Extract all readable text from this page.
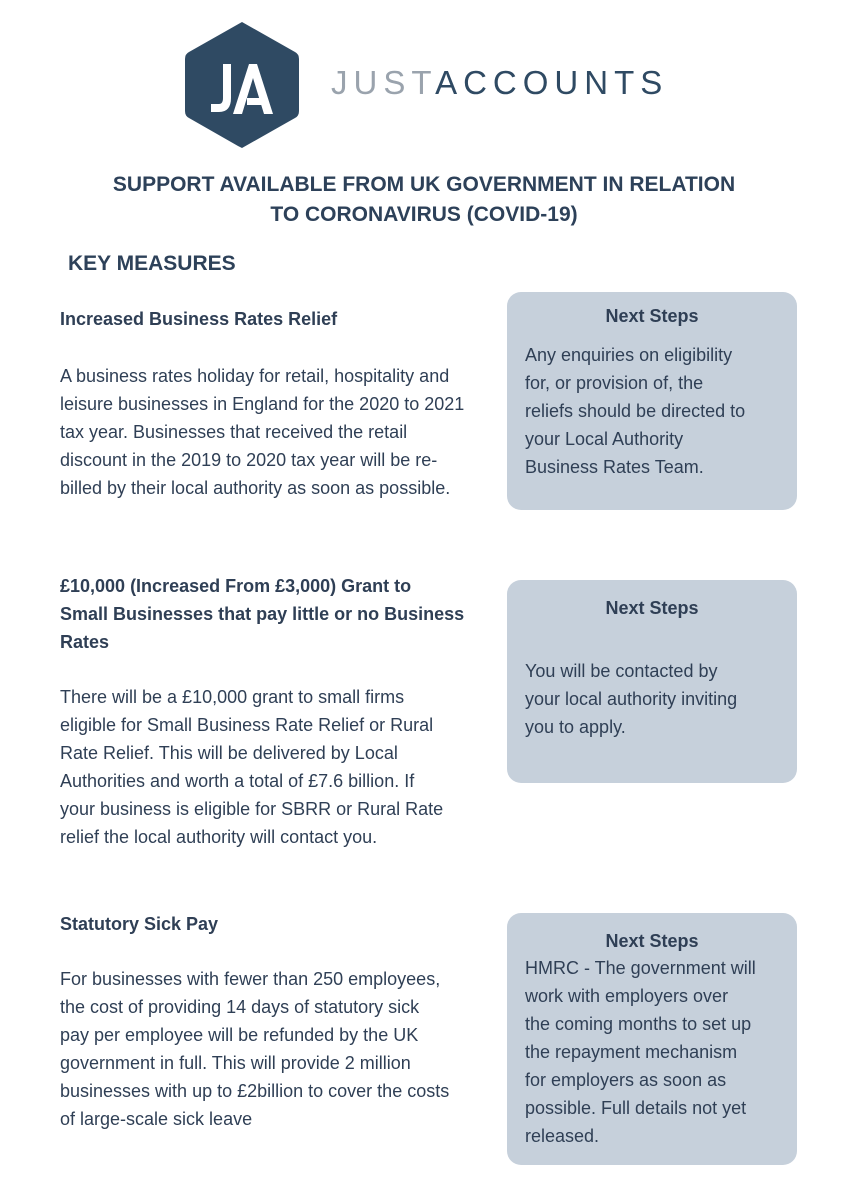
JUSTACCOUNTS
SUPPORT AVAILABLE FROM UK GOVERNMENT IN RELATION
TO CORONAVIRUS (COVID-19)
KEY MEASURES
Increased Business Rates Relief
A business rates holiday for retail, hospitality and
leisure businesses in England for the 2020 to 2021
tax year. Businesses that received the retail
discount in the 2019 to 2020 tax year will be re-
billed by their local authority as soon as possible.
Next Steps
Any enquiries on eligibility
for, or provision of, the
reliefs should be directed to
your Local Authority
Business Rates Team.
£10,000 (Increased From £3,000) Grant to
Small Businesses that pay little or no Business
Rates
There will be a £10,000 grant to small firms
eligible for Small Business Rate Relief or Rural
Rate Relief. This will be delivered by Local
Authorities and worth a total of £7.6 billion. If
your business is eligible for SBRR or Rural Rate
relief the local authority will contact you.
Next Steps
You will be contacted by
your local authority inviting
you to apply.
Statutory Sick Pay
For businesses with fewer than 250 employees,
the cost of providing 14 days of statutory sick
pay per employee will be refunded by the UK
government in full. This will provide 2 million
businesses with up to £2billion to cover the costs
of large-scale sick leave
Next Steps
HMRC - The government will
work with employers over
the coming months to set up
the repayment mechanism
for employers as soon as
possible. Full details not yet
released.
